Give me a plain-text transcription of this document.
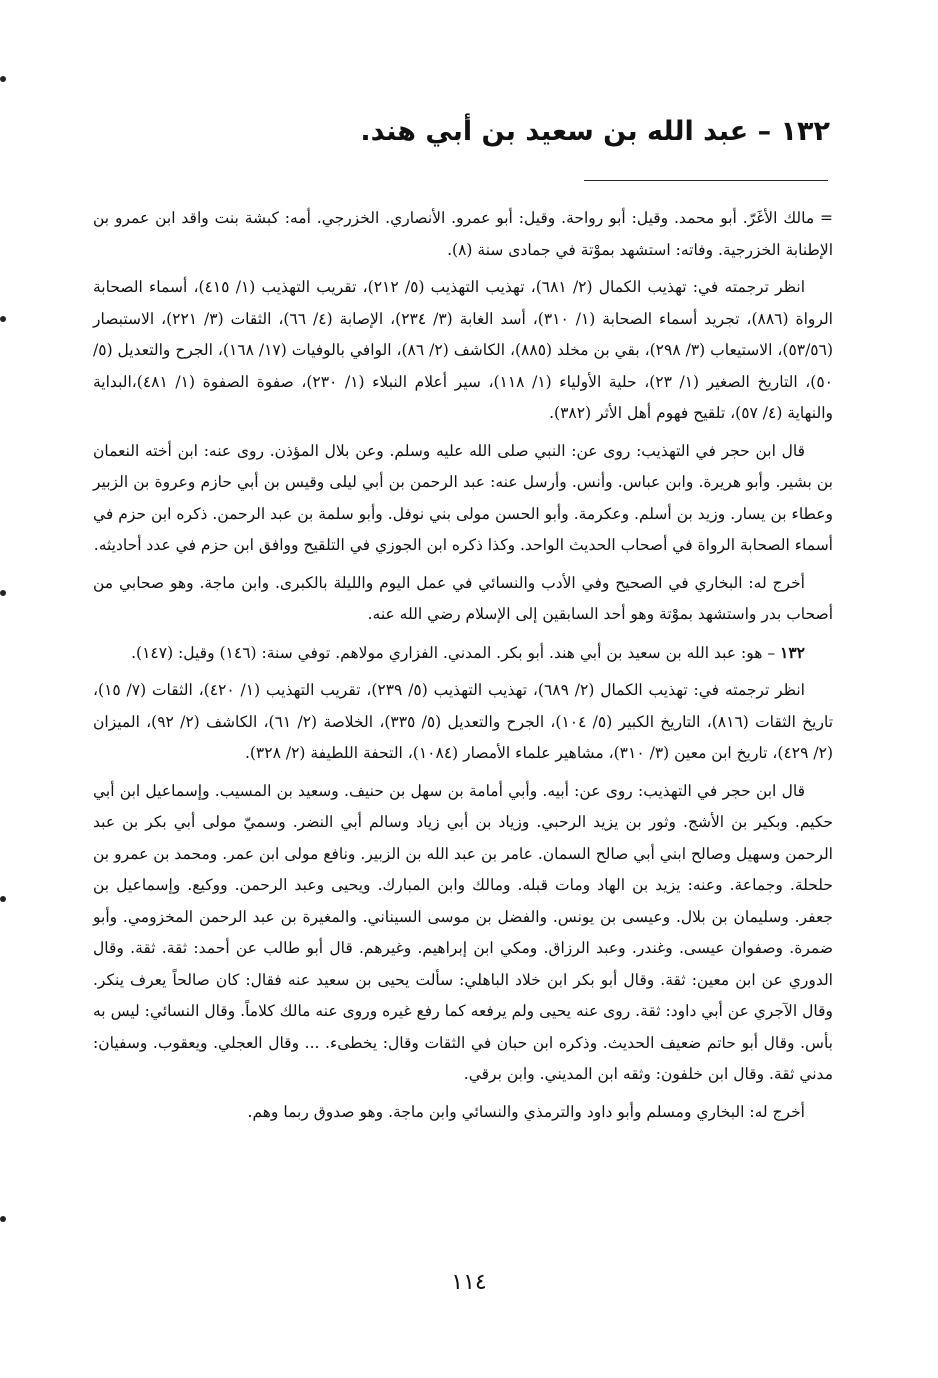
١٣٢ – عبد الله بن سعيد بن أبي هند.

= مالك الأغَرّ. أبو محمد. وقيل: أبو رواحة. وقيل: أبو عمرو. الأنصاري. الخزرجي. أمه: كبشة بنت واقد ابن عمرو بن الإطنابة الخزرجية. وفاته: استشهد بموْتة في جمادى سنة (٨).

انظر ترجمته في: تهذيب الكمال (٢/ ٦٨١)، تهذيب التهذيب (٥/ ٢١٢)، تقريب التهذيب (١/ ٤١٥)، أسماء الصحابة الرواة (٨٨٦)، تجريد أسماء الصحابة (١/ ٣١٠)، أسد الغابة (٣/ ٢٣٤)، الإصابة (٤/ ٦٦)، الثقات (٣/ ٢٢١)، الاستبصار (٥٣/٥٦)، الاستيعاب (٣/ ٢٩٨)، بقي بن مخلد (٨٨٥)، الكاشف (٢/ ٨٦)، الوافي بالوفيات (١٧/ ١٦٨)، الجرح والتعديل (٥/ ٥٠)، التاريخ الصغير (١/ ٢٣)، حلية الأولياء (١/ ١١٨)، سير أعلام النبلاء (١/ ٢٣٠)، صفوة الصفوة (١/ ٤٨١)،البداية والنهاية (٤/ ٥٧)، تلقيح فهوم أهل الأثر (٣٨٢).

قال ابن حجر في التهذيب: روى عن: النبي صلى الله عليه وسلم. وعن بلال المؤذن. روى عنه: ابن أخته النعمان بن بشير. وأبو هريرة. وابن عباس. وأنس. وأرسل عنه: عبد الرحمن بن أبي ليلى وقيس بن أبي حازم وعروة بن الزبير وعطاء بن يسار. وزيد بن أسلم. وعكرمة. وأبو الحسن مولى بني نوفل. وأبو سلمة بن عبد الرحمن. ذكره ابن حزم في أسماء الصحابة الرواة في أصحاب الحديث الواحد. وكذا ذكره ابن الجوزي في التلقيح ووافق ابن حزم في عدد أحاديثه.

أخرج له: البخاري في الصحيح وفي الأدب والنسائي في عمل اليوم والليلة بالكبرى. وابن ماجة. وهو صحابي من أصحاب بدر واستشهد بموْتة وهو أحد السابقين إلى الإسلام رضي الله عنه.

١٣٢ – هو: عبد الله بن سعيد بن أبي هند. أبو بكر. المدني. الفزاري مولاهم. توفي سنة: (١٤٦) وقيل: (١٤٧).

انظر ترجمته في: تهذيب الكمال (٢/ ٦٨٩)، تهذيب التهذيب (٥/ ٢٣٩)، تقريب التهذيب (١/ ٤٢٠)، الثقات (٧/ ١٥)، تاريخ الثقات (٨١٦)، التاريخ الكبير (٥/ ١٠٤)، الجرح والتعديل (٥/ ٣٣٥)، الخلاصة (٢/ ٦١)، الكاشف (٢/ ٩٢)، الميزان (٢/ ٤٢٩)، تاريخ ابن معين (٣/ ٣١٠)، مشاهير علماء الأمصار (١٠٨٤)، التحفة اللطيفة (٢/ ٣٢٨).

قال ابن حجر في التهذيب: روى عن: أبيه. وأبي أمامة بن سهل بن حنيف. وسعيد بن المسيب. وإسماعيل ابن أبي حكيم. وبكير بن الأشج. وثور بن يزيد الرحبي. وزياد بن أبي زياد وسالم أبي النضر. وسميّ مولى أبي بكر بن عبد الرحمن وسهيل وصالح ابني أبي صالح السمان. عامر بن عبد الله بن الزبير. ونافع مولى ابن عمر. ومحمد بن عمرو بن حلحلة. وجماعة. وعنه: يزيد بن الهاد ومات قبله. ومالك وابن المبارك. ويحيى وعبد الرحمن. ووكيع. وإسماعيل بن جعفر. وسليمان بن بلال. وعيسى بن يونس. والفضل بن موسى السيناني. والمغيرة بن عبد الرحمن المخزومي. وأبو ضمرة. وصفوان عيسى. وغندر. وعبد الرزاق. ومكي ابن إبراهيم. وغيرهم. قال أبو طالب عن أحمد: ثقة. ثقة. وقال الدوري عن ابن معين: ثقة. وقال أبو بكر ابن خلاد الباهلي: سألت يحيى بن سعيد عنه فقال: كان صالحاً يعرف ينكر. وقال الآجري عن أبي داود: ثقة. روى عنه يحيى ولم يرفعه كما رفع غيره وروى عنه مالك كلاماً. وقال النسائي: ليس به بأس. وقال أبو حاتم ضعيف الحديث. وذكره ابن حبان في الثقات وقال: يخطىء. ... وقال العجلي. ويعقوب. وسفيان: مدني ثقة. وقال ابن خلفون: وثقه ابن المديني. وابن برقي.

أخرج له: البخاري ومسلم وأبو داود والترمذي والنسائي وابن ماجة. وهو صدوق ربما وهم.

١١٤
